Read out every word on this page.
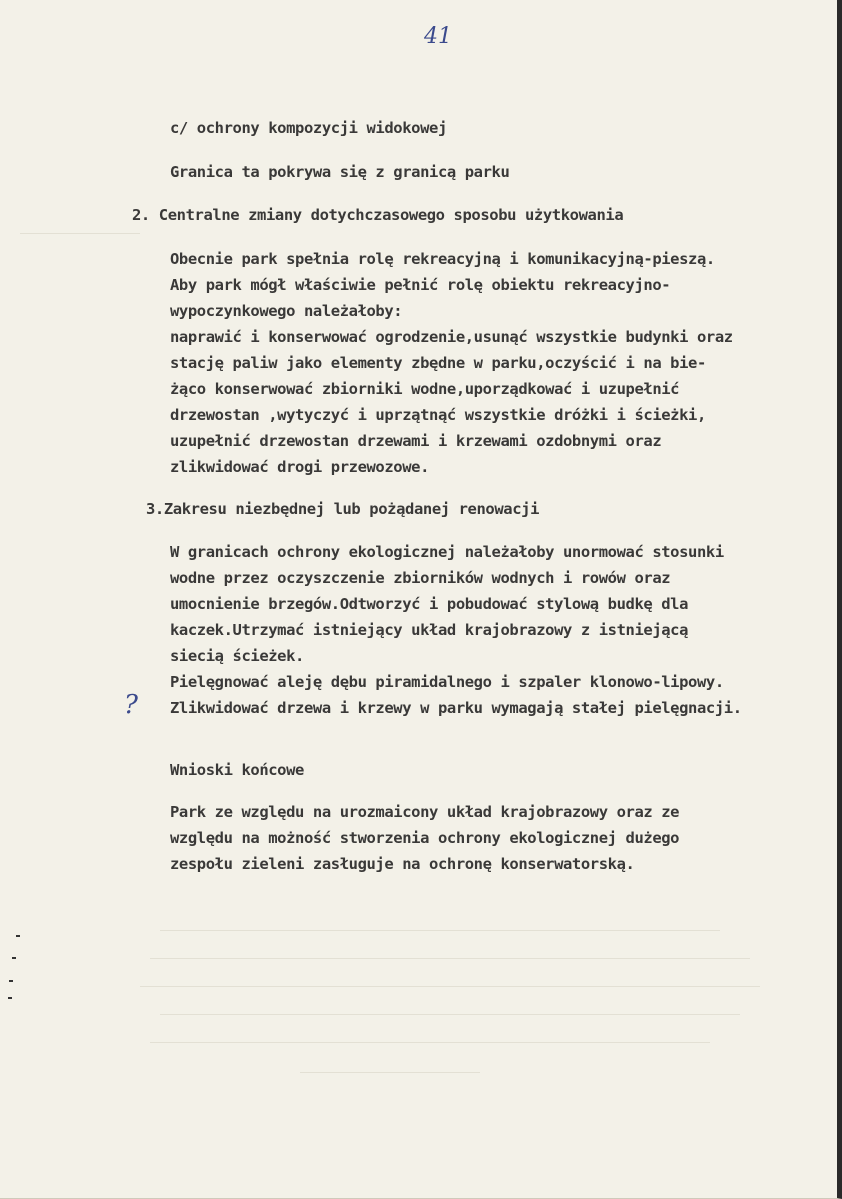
41
c/ ochrony kompozycji widokowej
Granica ta pokrywa się z granicą parku
2. Centralne zmiany dotychczasowego sposobu użytkowania
Obecnie park spełnia rolę rekreacyjną i komunikacyjną-pieszą.
Aby park mógł właściwie pełnić rolę obiektu rekreacyjno-
wypoczynkowego należałoby:
naprawić i konserwować ogrodzenie,usunąć wszystkie budynki oraz
stację paliw jako elementy zbędne w parku,oczyścić i na bie-
żąco konserwować zbiorniki wodne,uporządkować i uzupełnić
drzewostan ,wytyczyć i uprzątnąć wszystkie dróżki i ścieżki,
uzupełnić drzewostan drzewami i krzewami ozdobnymi oraz
zlikwidować drogi przewozowe.
3.Zakresu niezbędnej lub pożądanej renowacji
W granicach ochrony ekologicznej należałoby unormować stosunki
wodne przez oczyszczenie zbiorników wodnych i rowów oraz
umocnienie brzegów.Odtworzyć i pobudować stylową budkę dla
kaczek.Utrzymać istniejący układ krajobrazowy z istniejącą
siecią ścieżek.
Pielęgnować aleję dębu piramidalnego i szpaler klonowo-lipowy.
Zlikwidować drzewa i krzewy w parku wymagają stałej pielęgnacji.
?
Wnioski końcowe
Park ze względu na urozmaicony układ krajobrazowy oraz ze
względu na możność stworzenia ochrony ekologicznej dużego
zespołu zieleni zasługuje na ochronę konserwatorską.
